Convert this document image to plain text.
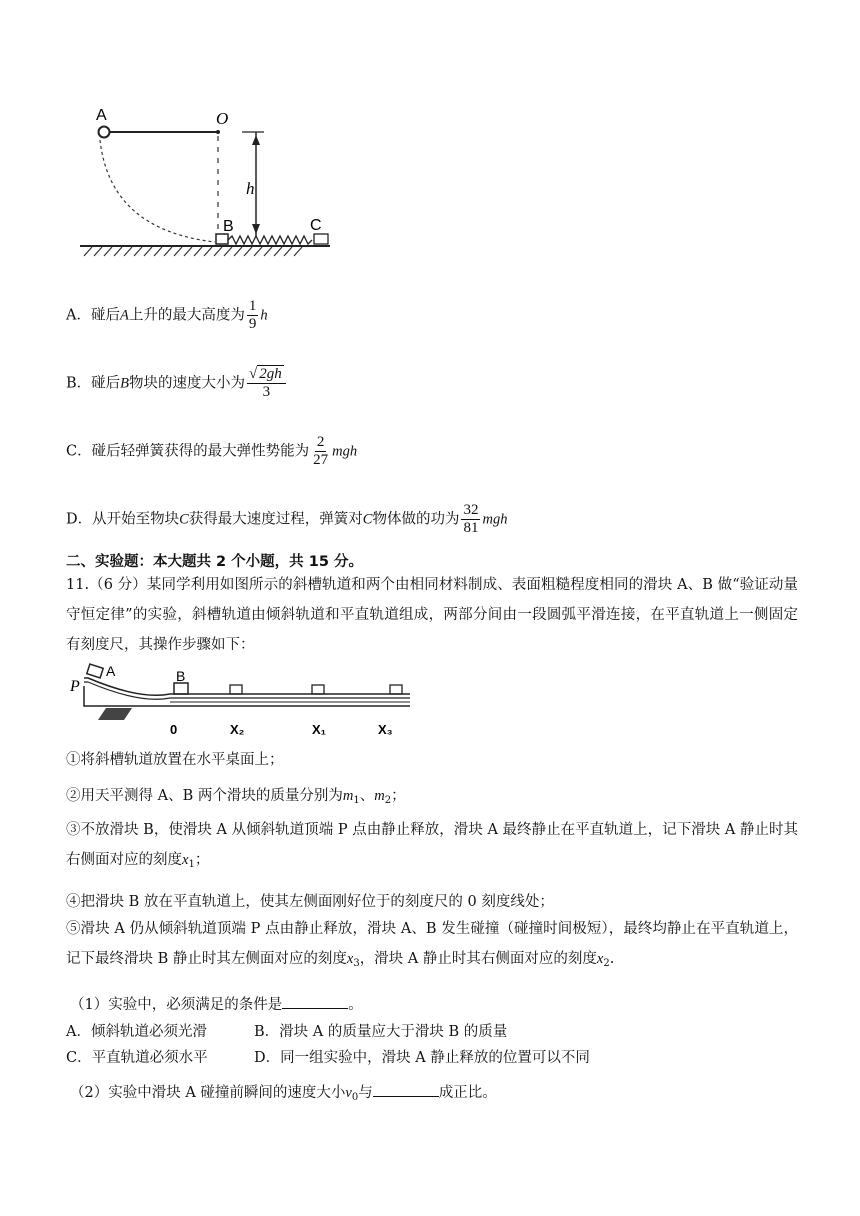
A	O
h
B	C
A．碰后A上升的最大高度为 $\frac{1}{9}$ h
B．碰后B物块的速度大小为 $\frac{√ 2gh}{3}$
C．碰后轻弹簧获得的最大弹性势能为 $\frac{2}{27}$ mgh
D．从开始至物块C获得最大速度过程，弹簧对C物体做的功为 $\frac{32}{81}$ mgh
二、实验题：本大题共 2 个小题，共 15 分。
11.（6 分）某同学利用如图所示的斜槽轨道和两个由相同材料制成、表面粗糙程度相同的滑块 A、B 做“验证动量守恒定律”的实验，斜槽轨道由倾斜轨道和平直轨道组成，两部分间由一段圆弧平滑连接，在平直轨道上一侧固定有刻度尺，其操作步骤如下：
P
A	B
0	X₂	X₁	X₃
①将斜槽轨道放置在水平桌面上；
②用天平测得 A、B 两个滑块的质量分别为$m_1$、$m_2$；
③不放滑块 B，使滑块 A 从倾斜轨道顶端 P 点由静止释放，滑块 A 最终静止在平直轨道上，记下滑块 A 静止时其右侧面对应的刻度$x_1$；
④把滑块 B 放在平直轨道上，使其左侧面刚好位于的刻度尺的 0 刻度线处；
⑤滑块 A 仍从倾斜轨道顶端 P 点由静止释放，滑块 A、B 发生碰撞（碰撞时间极短），最终均静止在平直轨道上，记下最终滑块 B 静止时其左侧面对应的刻度$x_3$，滑块 A 静止时其右侧面对应的刻度$x_2$.
（1）实验中，必须满足的条件是	。
A．倾斜轨道必须光滑	B．滑块 A 的质量应大于滑块 B 的质量
C．平直轨道必须水平	D．同一组实验中，滑块 A 静止释放的位置可以不同
（2）实验中滑块 A 碰撞前瞬间的速度大小$v_0$与	成正比。
